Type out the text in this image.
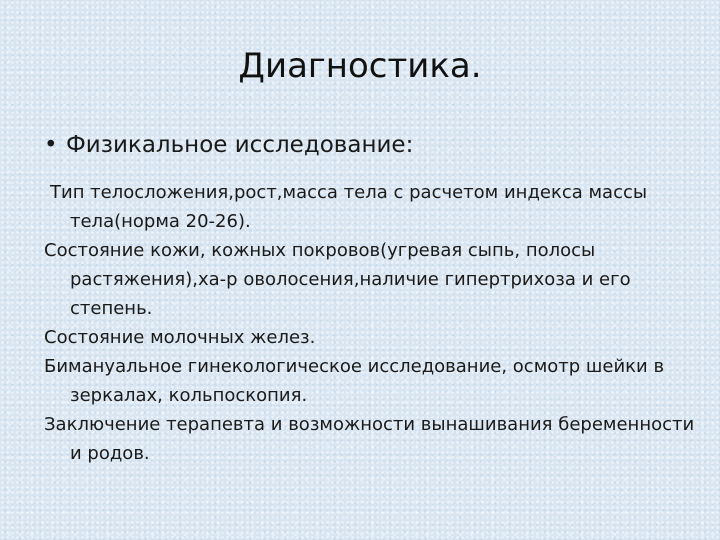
Диагностика.
• Физикальное исследование:

Тип телосложения,рост,масса тела с расчетом индекса массы тела(норма 20-26).

Состояние кожи, кожных покровов(угревая сыпь, полосы растяжения),ха-р оволосения,наличие гипертрихоза и его степень.

Состояние молочных желез.

Бимануальное гинекологическое исследование, осмотр шейки в зеркалах, кольпоскопия.

Заключение терапевта и возможности вынашивания беременности и родов.
